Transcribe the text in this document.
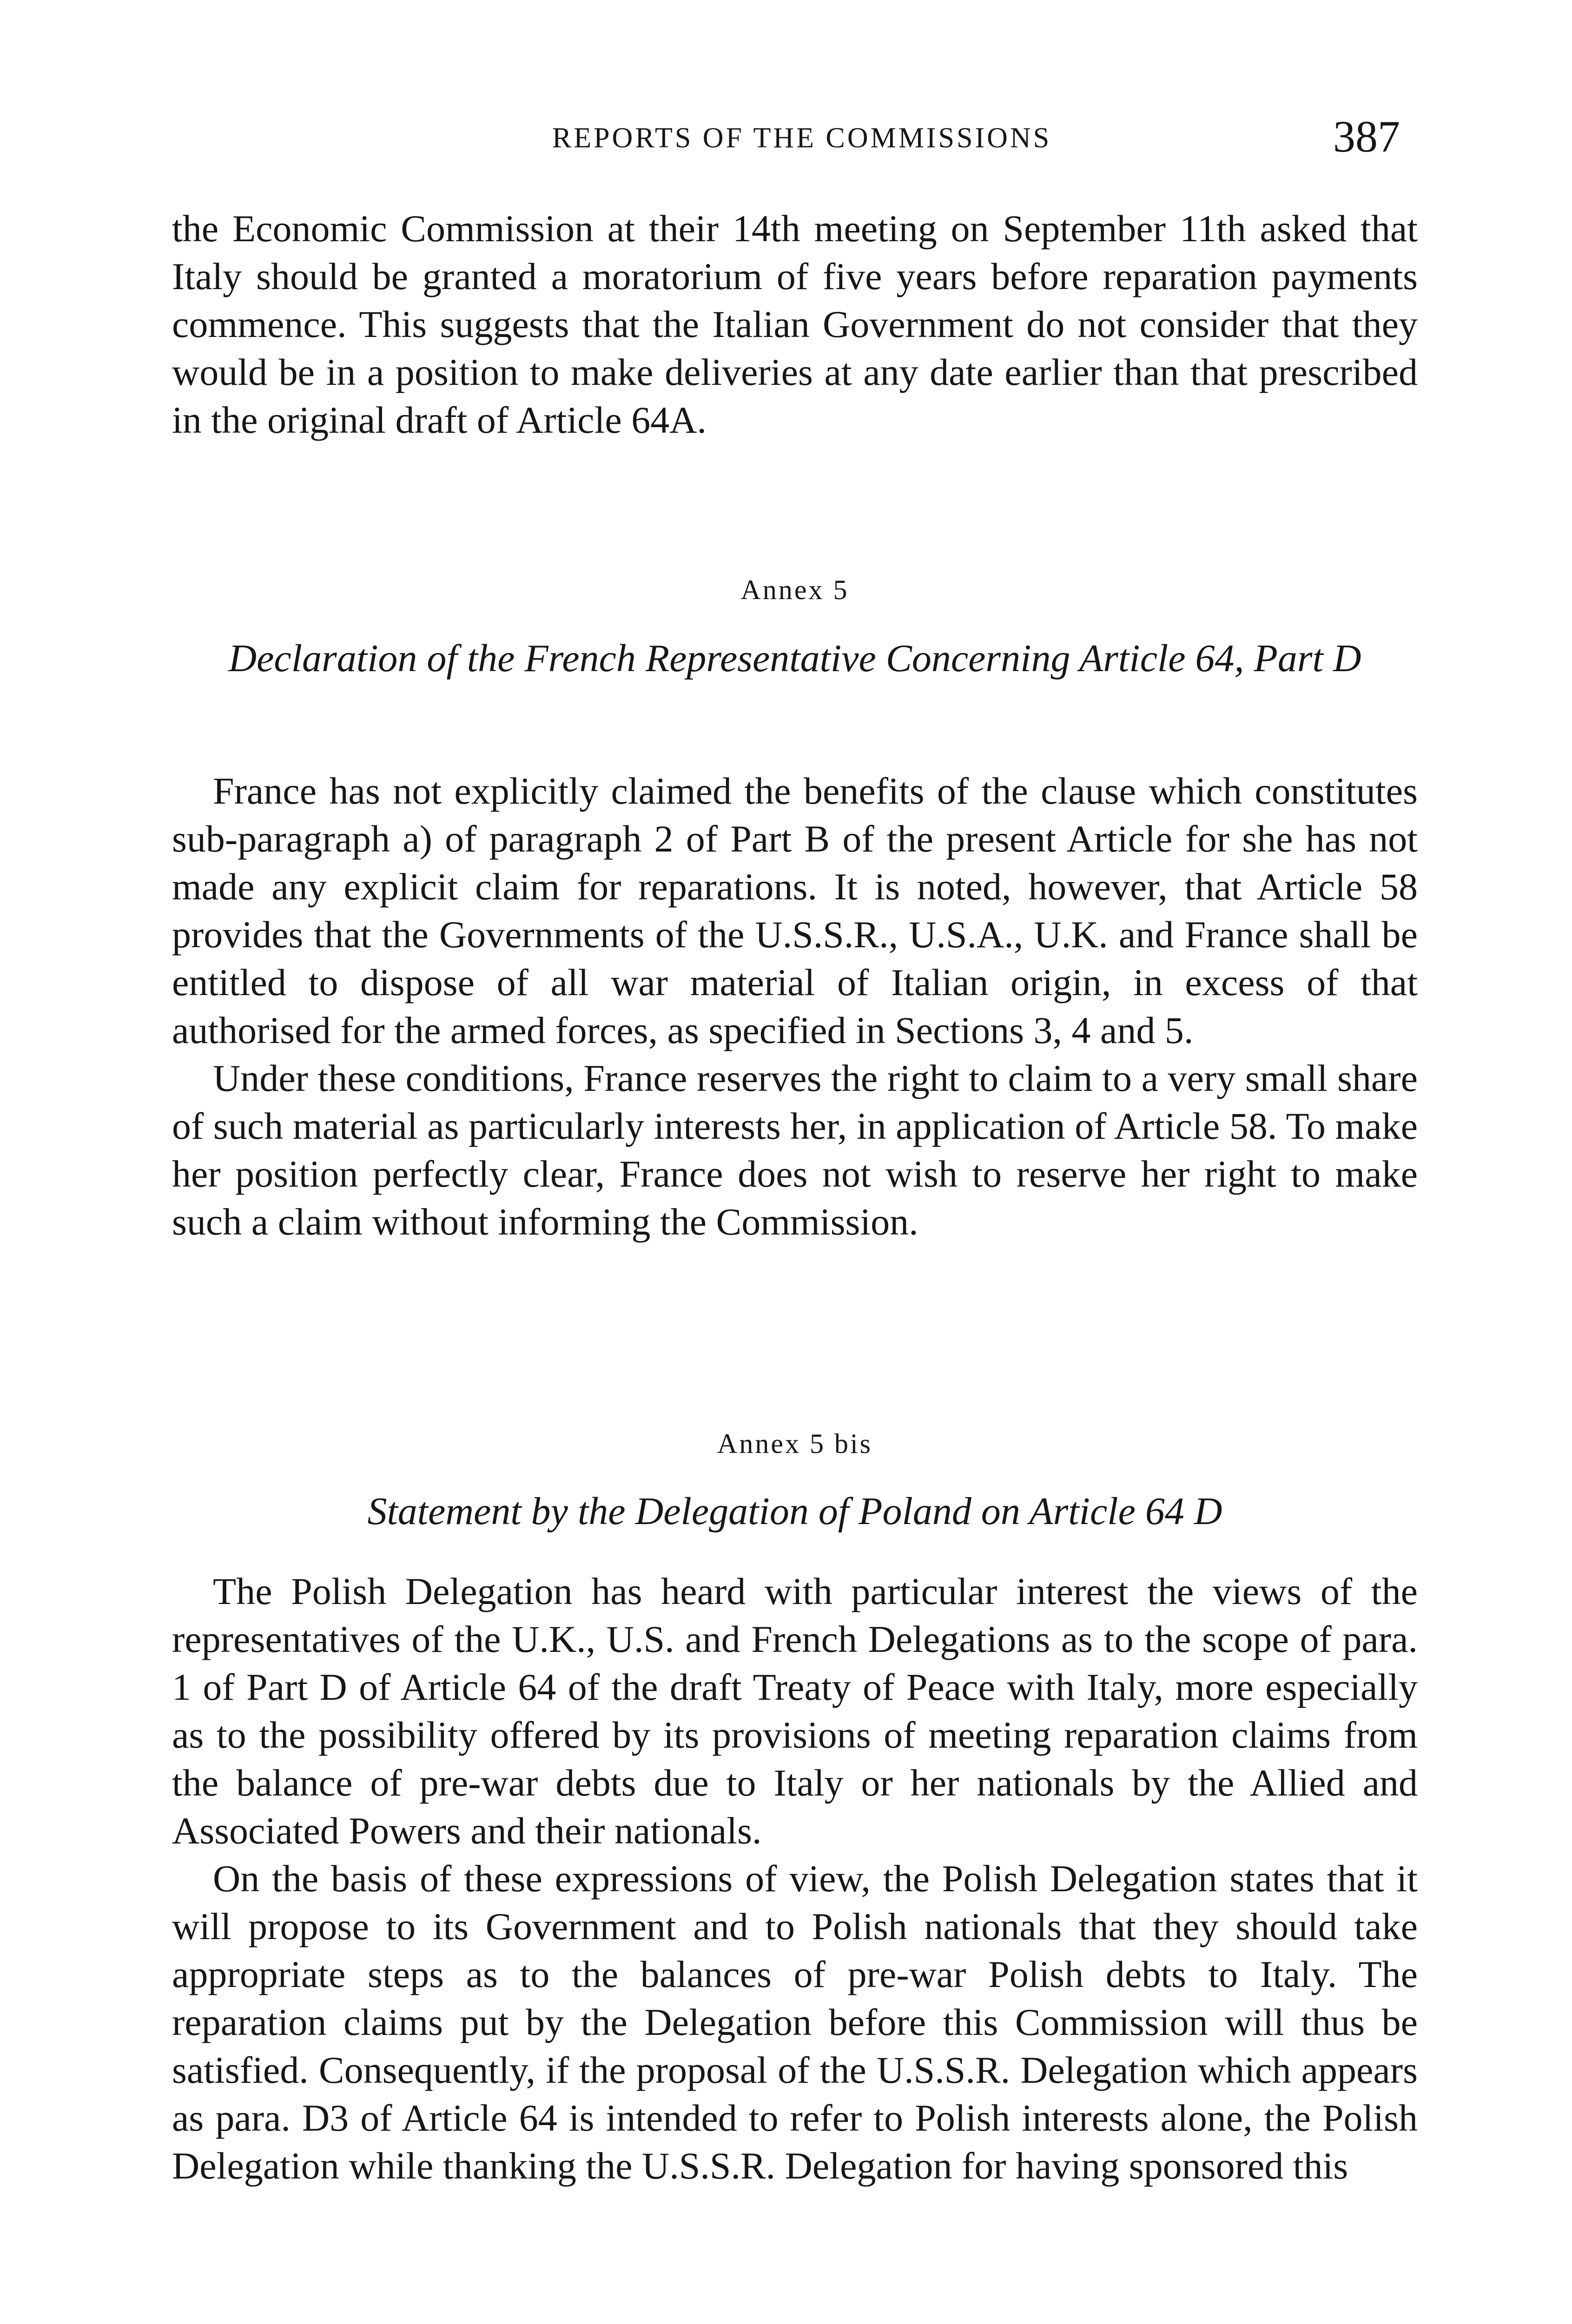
REPORTS OF THE COMMISSIONS	387

the Economic Commission at their 14th meeting on September 11th asked that Italy should be granted a moratorium of five years before reparation payments commence. This suggests that the Italian Government do not consider that they would be in a position to make deliveries at any date earlier than that prescribed in the original draft of Article 64A.

Annex 5
Declaration of the French Representative Concerning Article 64, Part D

France has not explicitly claimed the benefits of the clause which constitutes sub-paragraph a) of paragraph 2 of Part B of the present Article for she has not made any explicit claim for reparations. It is noted, however, that Article 58 provides that the Governments of the U.S.S.R., U.S.A., U.K. and France shall be entitled to dispose of all war material of Italian origin, in excess of that authorised for the armed forces, as specified in Sections 3, 4 and 5.

Under these conditions, France reserves the right to claim to a very small share of such material as particularly interests her, in application of Article 58. To make her position perfectly clear, France does not wish to reserve her right to make such a claim without informing the Commission.

Annex 5 bis
Statement by the Delegation of Poland on Article 64 D

The Polish Delegation has heard with particular interest the views of the representatives of the U.K., U.S. and French Delegations as to the scope of para. 1 of Part D of Article 64 of the draft Treaty of Peace with Italy, more especially as to the possibility offered by its provisions of meeting reparation claims from the balance of pre-war debts due to Italy or her nationals by the Allied and Associated Powers and their nationals.

On the basis of these expressions of view, the Polish Delegation states that it will propose to its Government and to Polish nationals that they should take appropriate steps as to the balances of pre-war Polish debts to Italy. The reparation claims put by the Delegation before this Commission will thus be satisfied. Consequently, if the proposal of the U.S.S.R. Delegation which appears as para. D3 of Article 64 is intended to refer to Polish interests alone, the Polish Delegation while thanking the U.S.S.R. Delegation for having sponsored this
